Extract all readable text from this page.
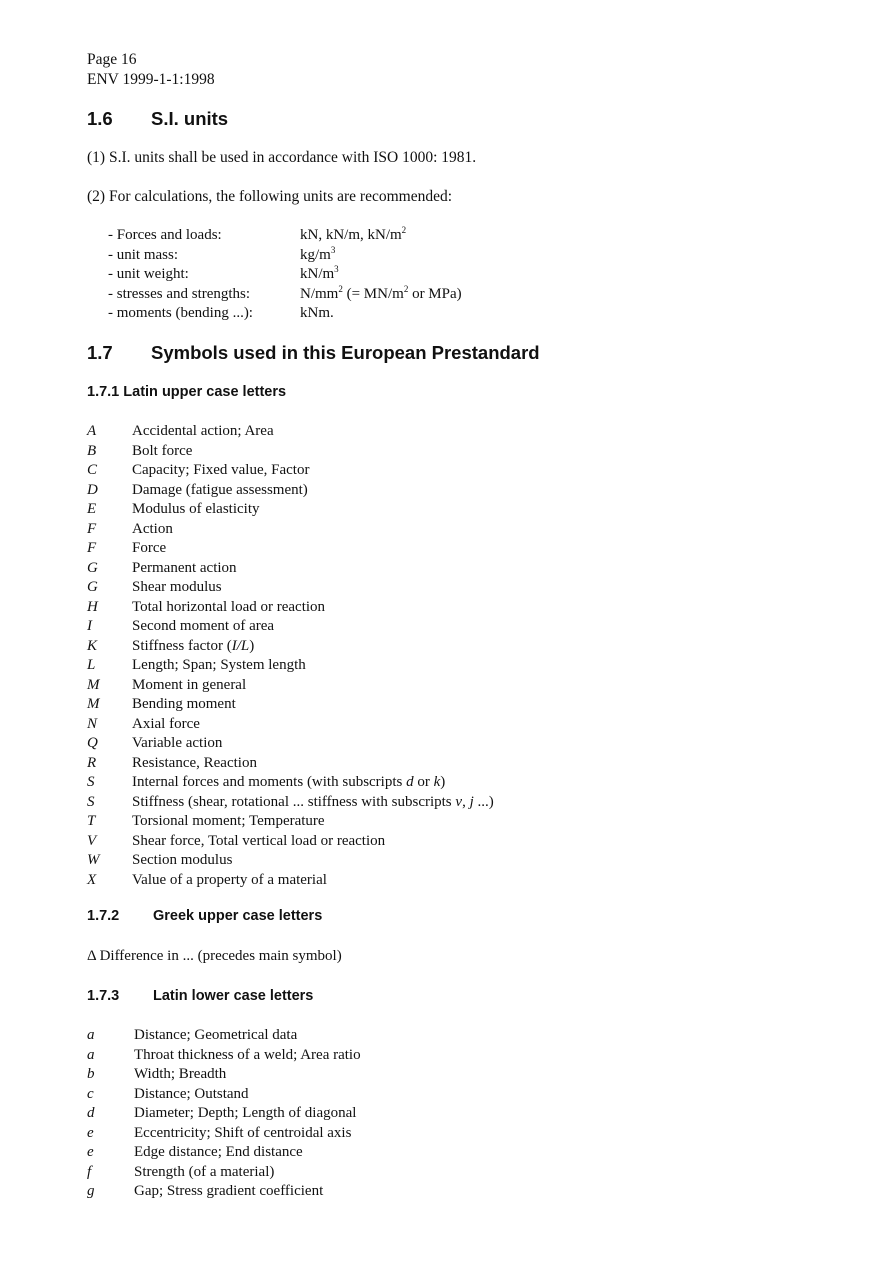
Page 16
ENV 1999-1-1:1998
1.6 S.I. units
(1) S.I. units shall be used in accordance with ISO 1000: 1981.
(2) For calculations, the following units are recommended:
- Forces and loads:	kN, kN/m, $kN/m^2$
- unit mass:	$kg/m^3$
- unit weight:	$kN/m^3$
- stresses and strengths:	$N/mm^2$ (= $MN/m^2$ or MPa)
- moments (bending ...):	kNm.
1.7 Symbols used in this European Prestandard
1.7.1 Latin upper case letters
A	Accidental action; Area
B	Bolt force
C	Capacity; Fixed value, Factor
D	Damage (fatigue assessment)
E	Modulus of elasticity
F	Action
F	Force
G	Permanent action
G	Shear modulus
H	Total horizontal load or reaction
I	Second moment of area
K	Stiffness factor (I/L)
L	Length; Span; System length
M	Moment in general
M	Bending moment
N	Axial force
Q	Variable action
R	Resistance, Reaction
S	Internal forces and moments (with subscripts d or k)
S	Stiffness (shear, rotational ... stiffness with subscripts v, j ...)
T	Torsional moment; Temperature
V	Shear force, Total vertical load or reaction
W	Section modulus
X	Value of a property of a material
1.7.2 Greek upper case letters
Δ Difference in ... (precedes main symbol)
1.7.3 Latin lower case letters
a	Distance; Geometrical data
a	Throat thickness of a weld; Area ratio
b	Width; Breadth
c	Distance; Outstand
d	Diameter; Depth; Length of diagonal
e	Eccentricity; Shift of centroidal axis
e	Edge distance; End distance
f	Strength (of a material)
g	Gap; Stress gradient coefficient
